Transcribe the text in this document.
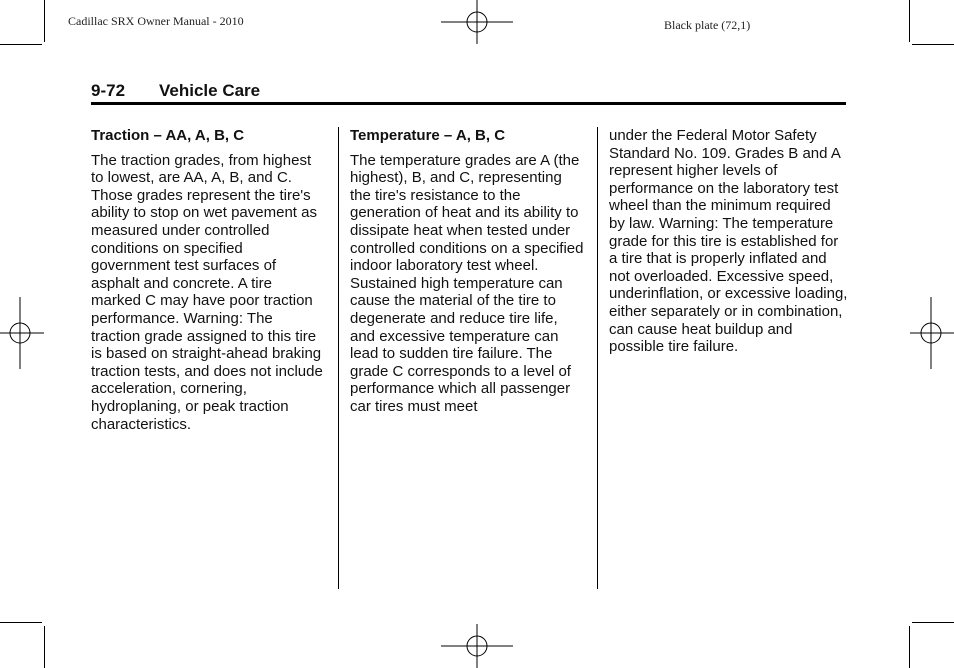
Cadillac SRX Owner Manual - 2010	Black plate (72,1)
9-72 Vehicle Care
Traction – AA, A, B, C

The traction grades, from highest to lowest, are AA, A, B, and C. Those grades represent the tire's ability to stop on wet pavement as measured under controlled conditions on specified government test surfaces of asphalt and concrete. A tire marked C may have poor traction performance. Warning: The traction grade assigned to this tire is based on straight-ahead braking traction tests, and does not include acceleration, cornering, hydroplaning, or peak traction characteristics.

Temperature – A, B, C

The temperature grades are A (the highest), B, and C, representing the tire's resistance to the generation of heat and its ability to dissipate heat when tested under controlled conditions on a specified indoor laboratory test wheel. Sustained high temperature can cause the material of the tire to degenerate and reduce tire life, and excessive temperature can lead to sudden tire failure. The grade C corresponds to a level of performance which all passenger car tires must meet

under the Federal Motor Safety Standard No. 109. Grades B and A represent higher levels of performance on the laboratory test wheel than the minimum required by law. Warning: The temperature grade for this tire is established for a tire that is properly inflated and not overloaded. Excessive speed, underinflation, or excessive loading, either separately or in combination, can cause heat buildup and possible tire failure.
